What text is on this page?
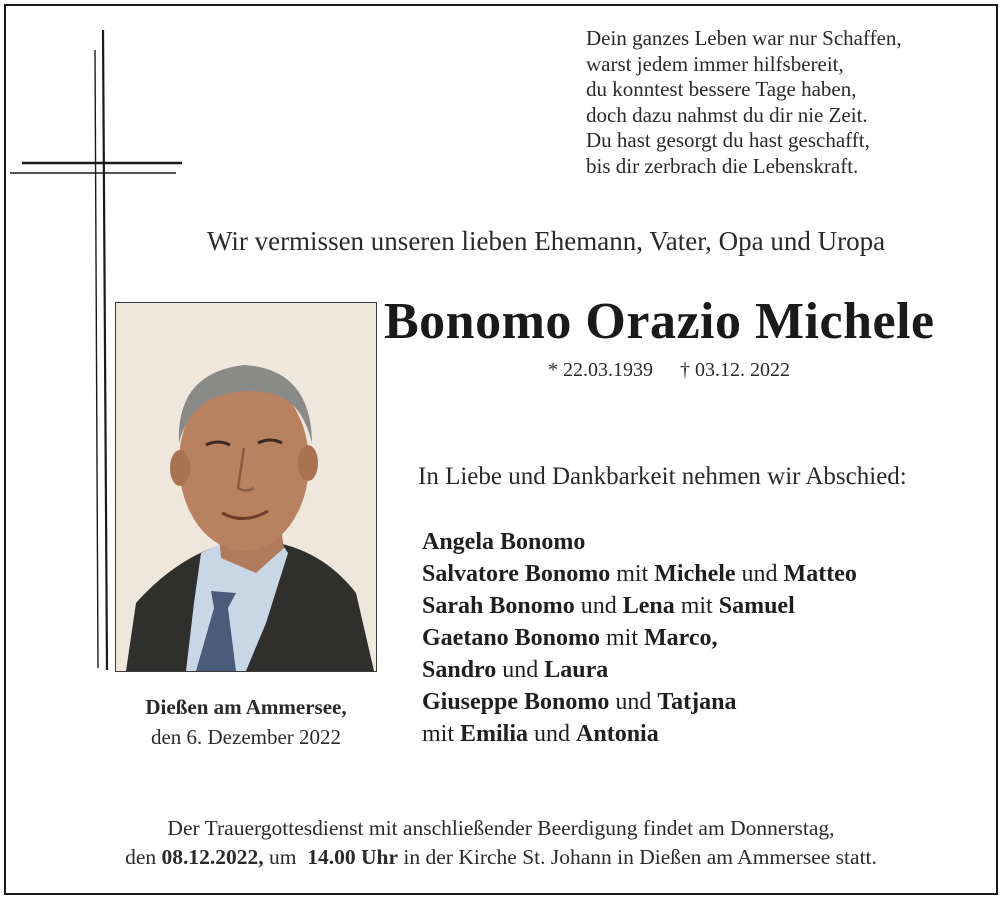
Dein ganzes Leben war nur Schaffen,
warst jedem immer hilfsbereit,
du konntest bessere Tage haben,
doch dazu nahmst du dir nie Zeit.
Du hast gesorgt du hast geschafft,
bis dir zerbrach die Lebenskraft.
Wir vermissen unseren lieben Ehemann, Vater, Opa und Uropa
Bonomo Orazio Michele
* 22.03.1939 † 03.12. 2022
In Liebe und Dankbarkeit nehmen wir Abschied:
Angela Bonomo
Salvatore Bonomo mit Michele und Matteo
Sarah Bonomo und Lena mit Samuel
Gaetano Bonomo mit Marco,
Sandro und Laura
Giuseppe Bonomo und Tatjana
mit Emilia und Antonia
Dießen am Ammersee,
den 6. Dezember 2022
Der Trauergottesdienst mit anschließender Beerdigung findet am Donnerstag,
den 08.12.2022, um  14.00 Uhr in der Kirche St. Johann in Dießen am Ammersee statt.
